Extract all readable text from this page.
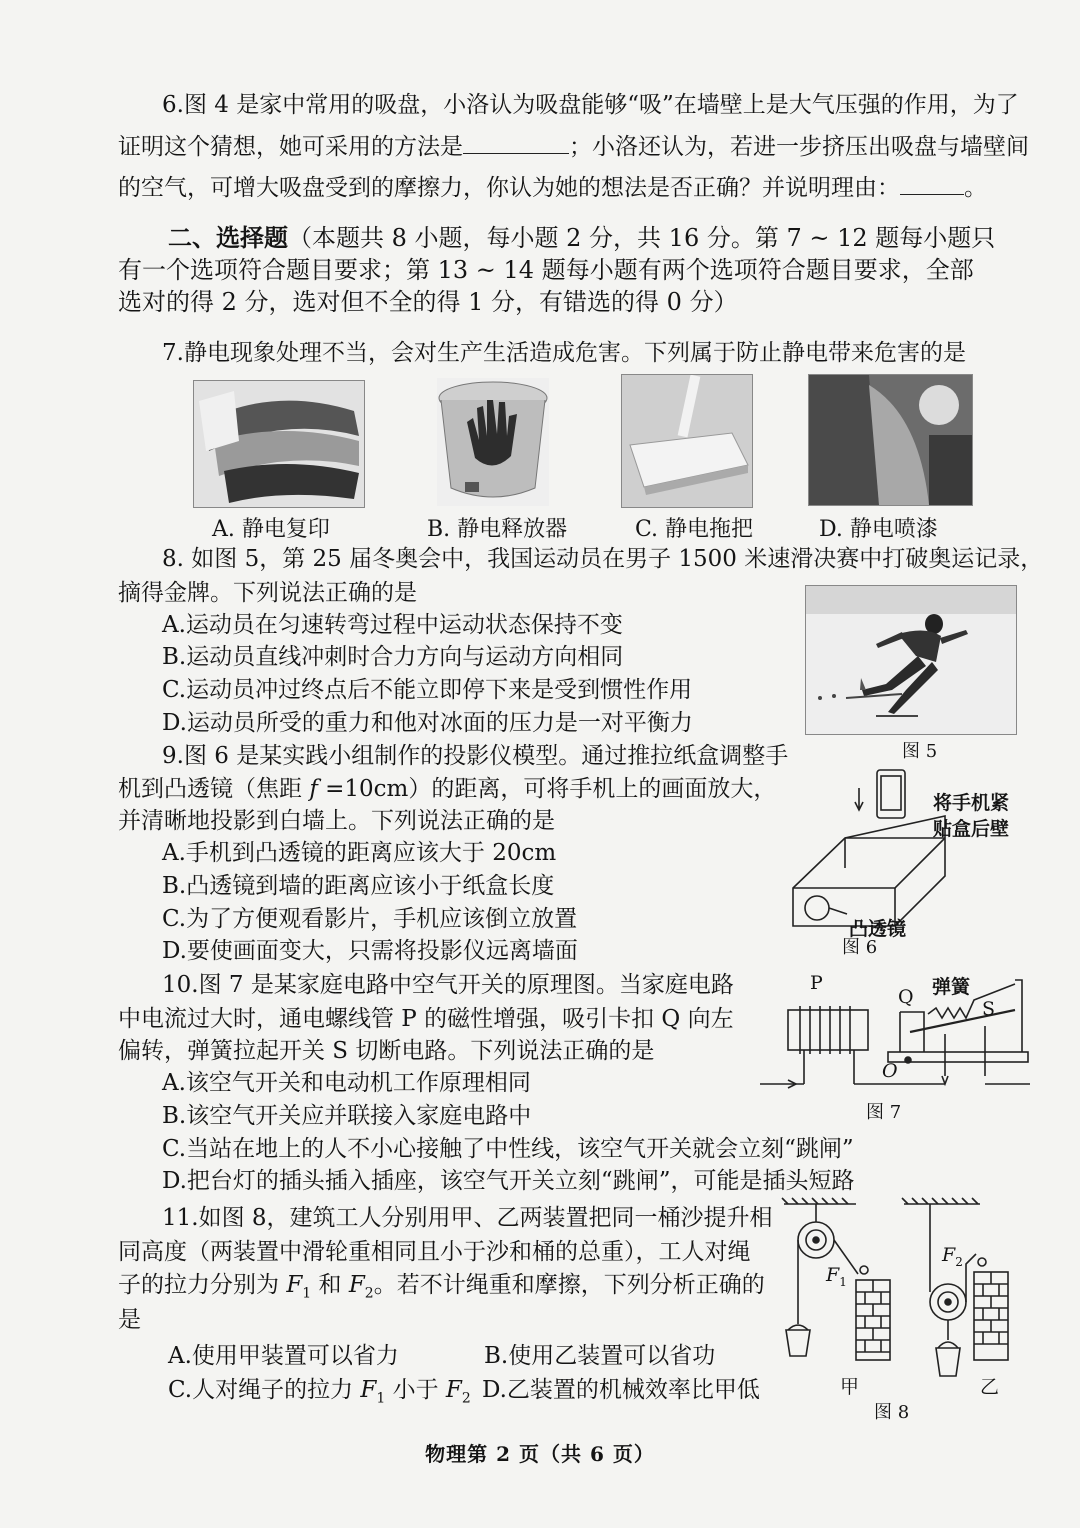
6.图 4 是家中常用的吸盘，小洛认为吸盘能够“吸”在墙壁上是大气压强的作用，为了
证明这个猜想，她可采用的方法是	；小洛还认为，若进一步挤压出吸盘与墙壁间
的空气，可增大吸盘受到的摩擦力，你认为她的想法是否正确？并说明理由：	。
二、选择题（本题共 8 小题，每小题 2 分，共 16 分。第 7 ~ 12 题每小题只
有一个选项符合题目要求；第 13 ~ 14 题每小题有两个选项符合题目要求，全部
选对的得 2 分，选对但不全的得 1 分，有错选的得 0 分）
7.静电现象处理不当，会对生产生活造成危害。下列属于防止静电带来危害的是
A. 静电复印	B. 静电释放器	C. 静电拖把	D. 静电喷漆
8. 如图 5，第 25 届冬奥会中，我国运动员在男子 1500 米速滑决赛中打破奥运记录，
摘得金牌。下列说法正确的是
A.运动员在匀速转弯过程中运动状态保持不变
B.运动员直线冲刺时合力方向与运动方向相同
C.运动员冲过终点后不能立即停下来是受到惯性作用
D.运动员所受的重力和他对冰面的压力是一对平衡力
图 5
9.图 6 是某实践小组制作的投影仪模型。通过推拉纸盒调整手
机到凸透镜（焦距 f =10cm）的距离，可将手机上的画面放大，
并清晰地投影到白墙上。下列说法正确的是
A.手机到凸透镜的距离应该大于 20cm
B.凸透镜到墙的距离应该小于纸盒长度
C.为了方便观看影片，手机应该倒立放置
D.要使画面变大，只需将投影仪远离墙面
将手机紧
贴盒后壁
凸透镜
图 6
10.图 7 是某家庭电路中空气开关的原理图。当家庭电路
中电流过大时，通电螺线管 P 的磁性增强，吸引卡扣 Q 向左
偏转，弹簧拉起开关 S 切断电路。下列说法正确的是
A.该空气开关和电动机工作原理相同
B.该空气开关应并联接入家庭电路中
C.当站在地上的人不小心接触了中性线，该空气开关就会立刻“跳闸”
D.把台灯的插头插入插座，该空气开关立刻“跳闸”，可能是插头短路
P
Q 弹簧
S
O
图 7
11.如图 8，建筑工人分别用甲、乙两装置把同一桶沙提升相
同高度（两装置中滑轮重相同且小于沙和桶的总重），工人对绳
子的拉力分别为 $F_1$ 和 $F_2$。若不计绳重和摩擦，下列分析正确的
是
A.使用甲装置可以省力	B.使用乙装置可以省功
C.人对绳子的拉力 $F_1$ 小于 $F_2$ D.乙装置的机械效率比甲低
$F_1$
$F_2$
甲	乙
图 8
物理第 2 页（共 6 页）
